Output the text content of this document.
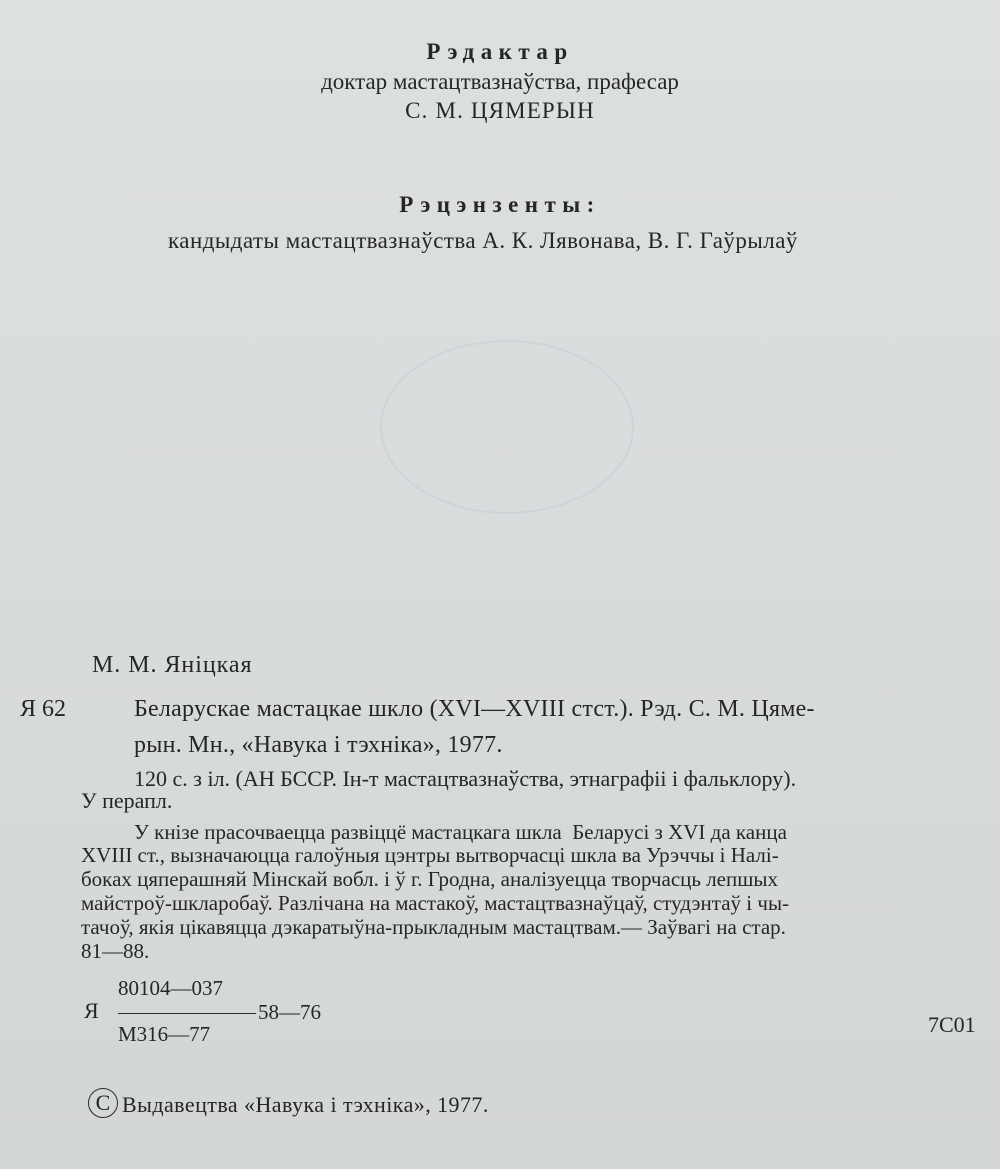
Рэдактар
доктар мастацтвазнаўства, прафесар
С. М. ЦЯМЕРЫН
Рэцэнзенты:
кандыдаты мастацтвазнаўства А. К. Лявонава, В. Г. Гаўрылаў
М. М. Яніцкая
Я 62	Беларускае мастацкае шкло (XVI—XVIII стст.). Рэд. С. М. Цяме-
рын. Мн., «Навука і тэхніка», 1977.
120 с. з іл. (АН БССР. Ін-т мастацтвазнаўства, этнаграфіі і фальклору).
У перапл.
У кнізе прасочваецца развіццё мастацкага шкла  Беларусі з XVI да канца
XVIII ст., вызначаюцца галоўныя цэнтры вытворчасці шкла ва Урэччы і Налі-
боках цяперашняй Мінскай вобл. і ў г. Гродна, аналізуецца творчасць лепшых
майстроў-шкларобаў. Разлічана на мастакоў, мастацтвазнаўцаў, студэнтаў і чы-
тачоў, якія цікавяцца дэкаратыўна-прыкладным мастацтвам.— Заўвагі на стар.
81—88.
80104—037
Я	58—76
М316—77	7С01
C Выдавецтва «Навука і тэхніка», 1977.
